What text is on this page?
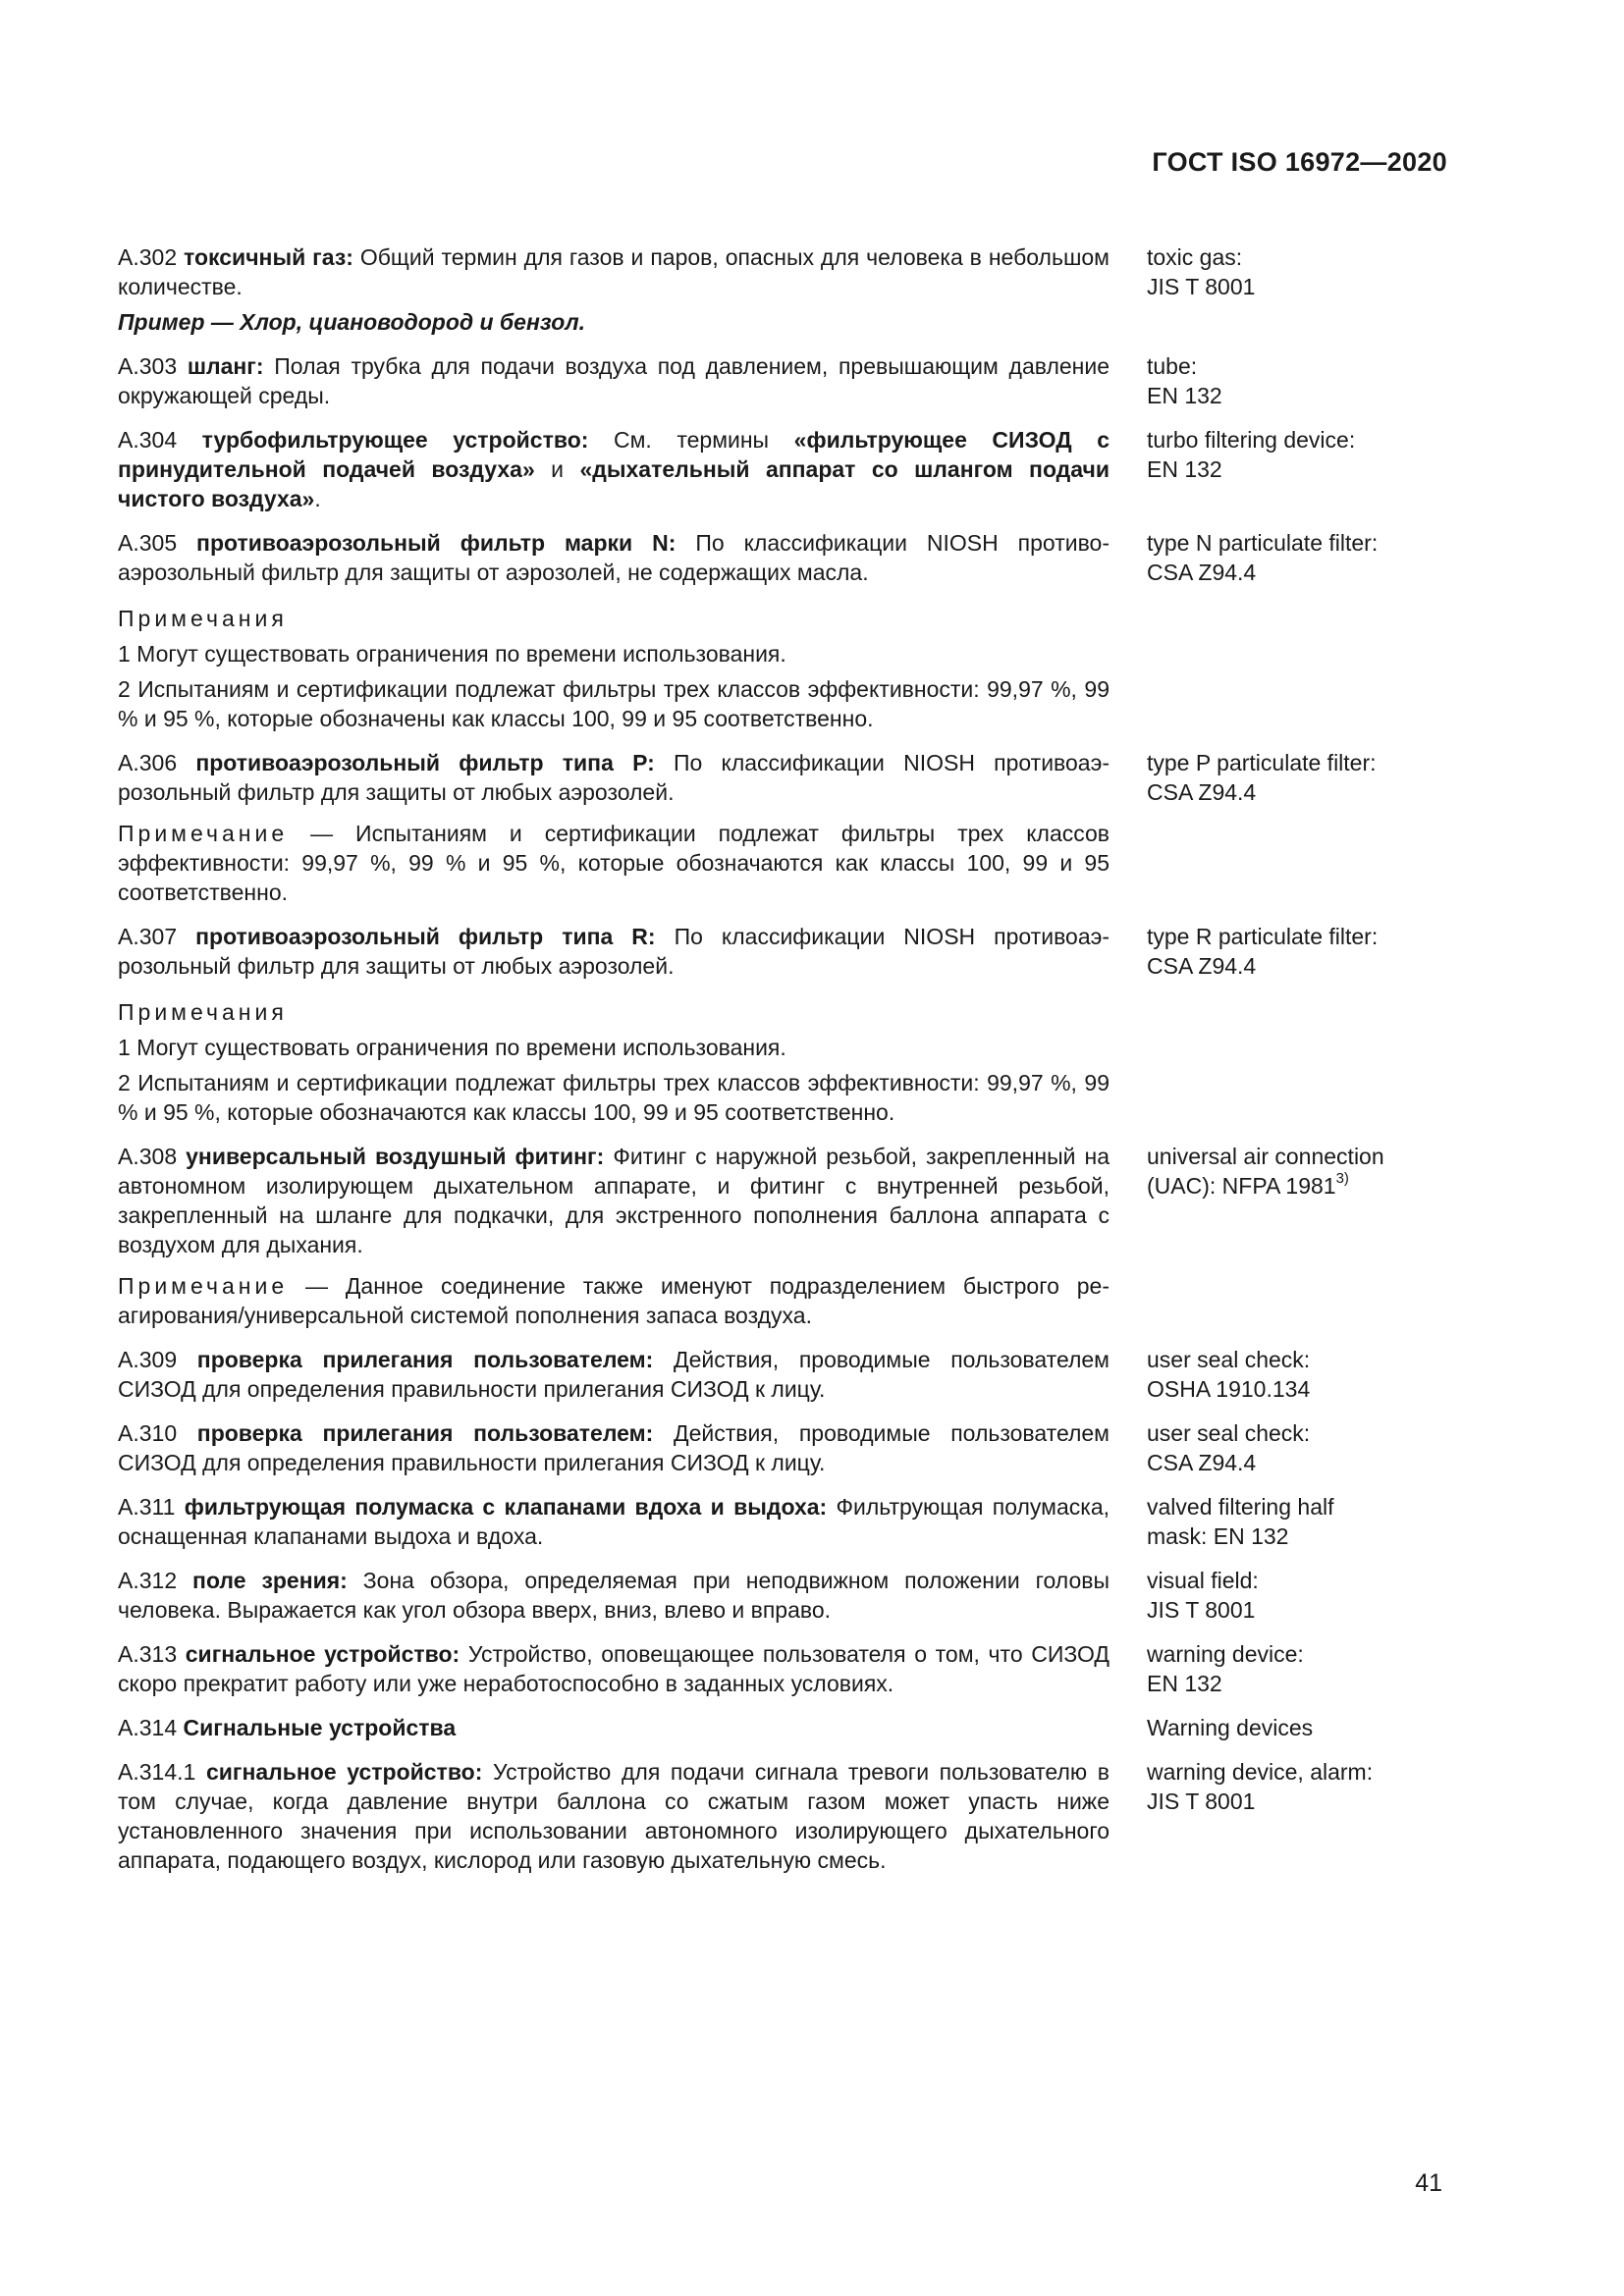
ГОСТ ISO 16972—2020
А.302 токсичный газ: Общий термин для газов и паров, опасных для человека в небольшом количестве.
toxic gas:
JIS T 8001
Пример — Хлор, циановодород и бензол.
А.303 шланг: Полая трубка для подачи воздуха под давлением, превышающим давление окружающей среды.
tube:
EN 132
А.304 турбофильтрующее устройство: См. термины «фильтрующее СИЗОД с принудительной подачей воздуха» и «дыхательный аппарат со шлангом подачи чистого воздуха».
turbo filtering device:
EN 132
А.305 противоаэрозольный фильтр марки N: По классификации NIOSH противоаэрозольный фильтр для защиты от аэрозолей, не содержащих масла.
Примечания
1 Могут существовать ограничения по времени использования.
2 Испытаниям и сертификации подлежат фильтры трех классов эффективности: 99,97 %, 99 % и 95 %, которые обозначены как классы 100, 99 и 95 соответственно.
type N particulate filter:
CSA Z94.4
А.306 противоаэрозольный фильтр типа Р: По классификации NIOSH противоаэрозольный фильтр для защиты от любых аэрозолей.
Примечание — Испытаниям и сертификации подлежат фильтры трех классов эффективности: 99,97 %, 99 % и 95 %, которые обозначаются как классы 100, 99 и 95 соответственно.
type P particulate filter:
CSA Z94.4
А.307 противоаэрозольный фильтр типа R: По классификации NIOSH противоаэрозольный фильтр для защиты от любых аэрозолей.
Примечания
1 Могут существовать ограничения по времени использования.
2 Испытаниям и сертификации подлежат фильтры трех классов эффективности: 99,97 %, 99 % и 95 %, которые обозначаются как классы 100, 99 и 95 соответственно.
type R particulate filter:
CSA Z94.4
А.308 универсальный воздушный фитинг: Фитинг с наружной резьбой, закрепленный на автономном изолирующем дыхательном аппарате, и фитинг с внутренней резьбой, закрепленный на шланге для подкачки, для экстренного пополнения баллона аппарата с воздухом для дыхания.
Примечание — Данное соединение также именуют подразделением быстрого реагирования/универсальной системой пополнения запаса воздуха.
universal air connection
(UAC): NFPA 1981$^{3)}$
А.309 проверка прилегания пользователем: Действия, проводимые пользователем СИЗОД для определения правильности прилегания СИЗОД к лицу.
user seal check:
OSHA 1910.134
А.310 проверка прилегания пользователем: Действия, проводимые пользователем СИЗОД для определения правильности прилегания СИЗОД к лицу.
user seal check:
CSA Z94.4
А.311 фильтрующая полумаска с клапанами вдоха и выдоха: Фильтрующая полумаска, оснащенная клапанами выдоха и вдоха.
valved filtering half
mask: EN 132
А.312 поле зрения: Зона обзора, определяемая при неподвижном положении головы человека. Выражается как угол обзора вверх, вниз, влево и вправо.
visual field:
JIS T 8001
А.313 сигнальное устройство: Устройство, оповещающее пользователя о том, что СИЗОД скоро прекратит работу или уже неработоспособно в заданных условиях.
warning device:
EN 132
А.314 Сигнальные устройства	Warning devices
А.314.1 сигнальное устройство: Устройство для подачи сигнала тревоги пользователю в том случае, когда давление внутри баллона со сжатым газом может упасть ниже установленного значения при использовании автономного изолирующего дыхательного аппарата, подающего воздух, кислород или газовую дыхательную смесь.
warning device, alarm:
JIS T 8001
41
